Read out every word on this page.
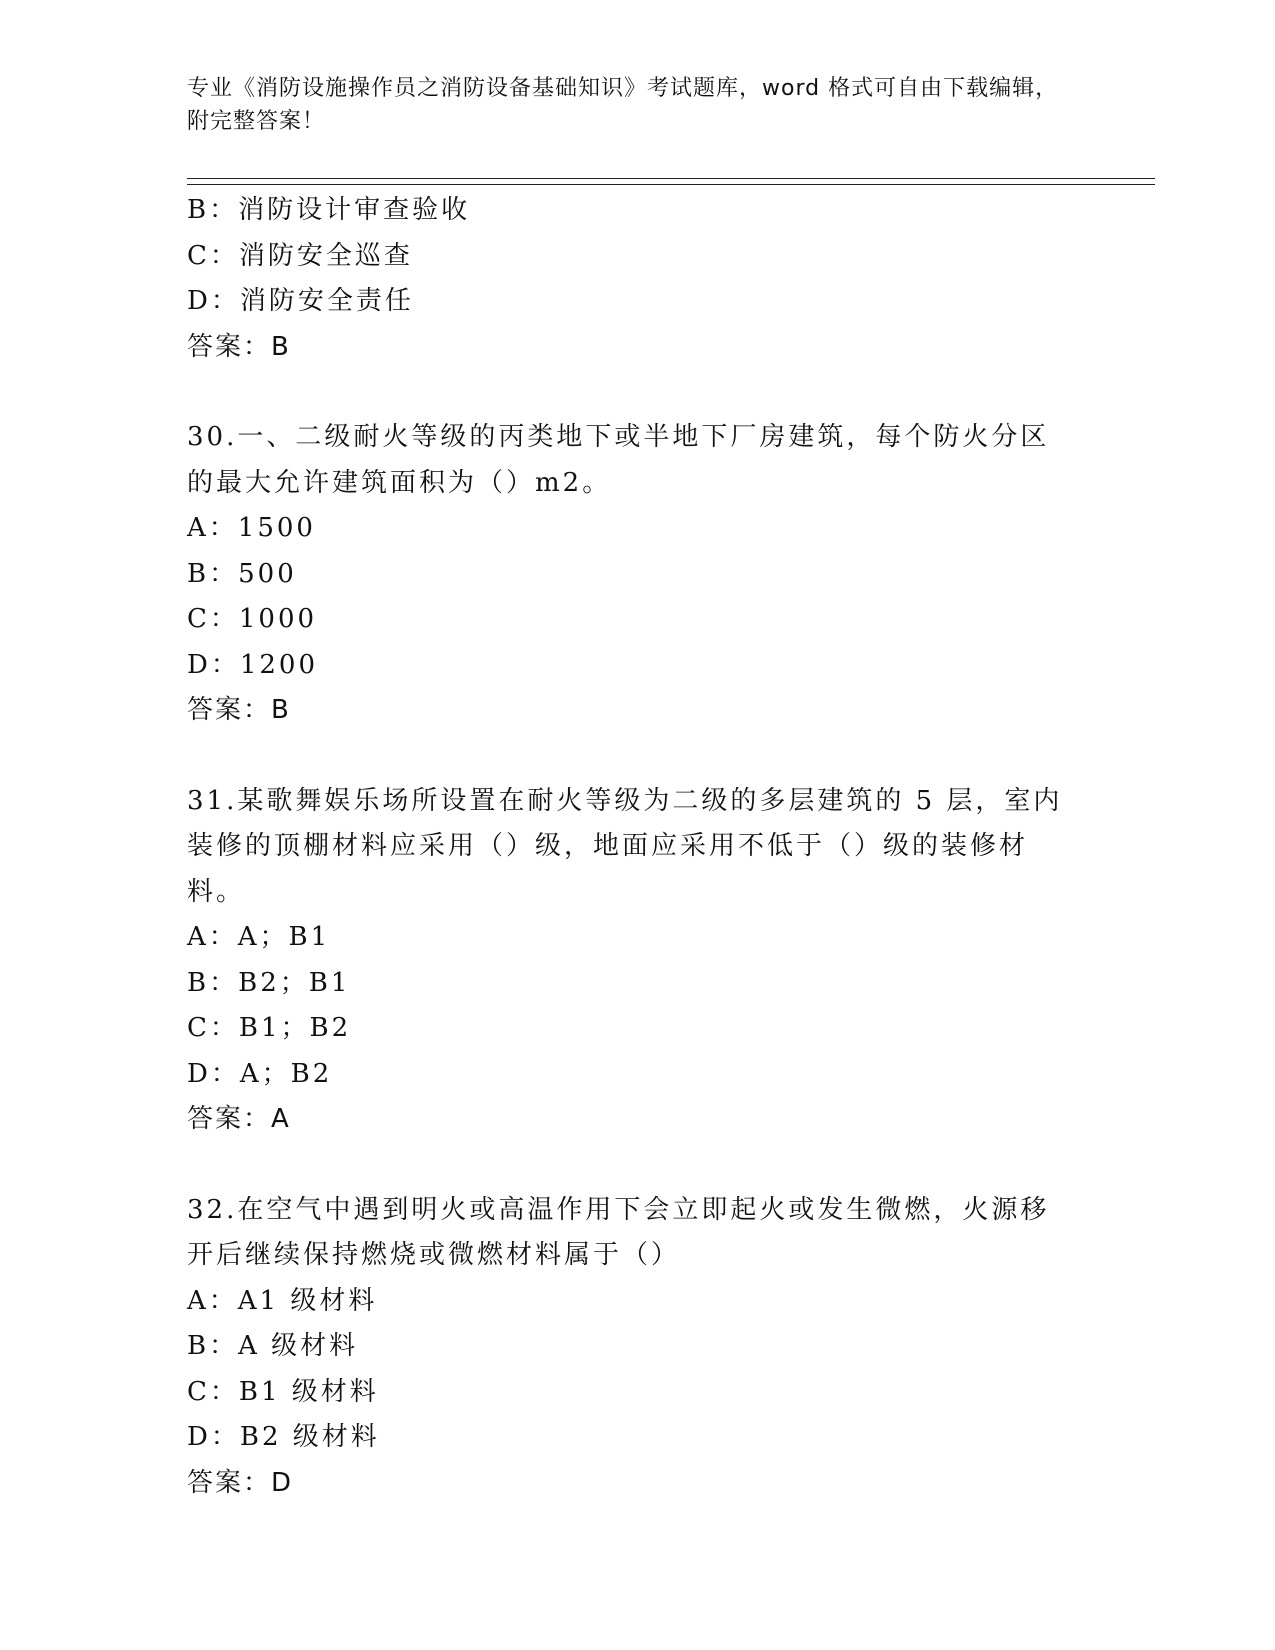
专业《消防设施操作员之消防设备基础知识》考试题库，word 格式可自由下载编辑，附完整答案！
B：消防设计审查验收
C：消防安全巡查
D：消防安全责任
答案：B
30.一、二级耐火等级的丙类地下或半地下厂房建筑，每个防火分区的最大允许建筑面积为（）m2。
A：1500
B：500
C：1000
D：1200
答案：B
31.某歌舞娱乐场所设置在耐火等级为二级的多层建筑的 5 层，室内装修的顶棚材料应采用（）级，地面应采用不低于（）级的装修材料。
A：A；B1
B：B2；B1
C：B1；B2
D：A；B2
答案：A
32.在空气中遇到明火或高温作用下会立即起火或发生微燃，火源移开后继续保持燃烧或微燃材料属于（）
A：A1 级材料
B：A 级材料
C：B1 级材料
D：B2 级材料
答案：D
